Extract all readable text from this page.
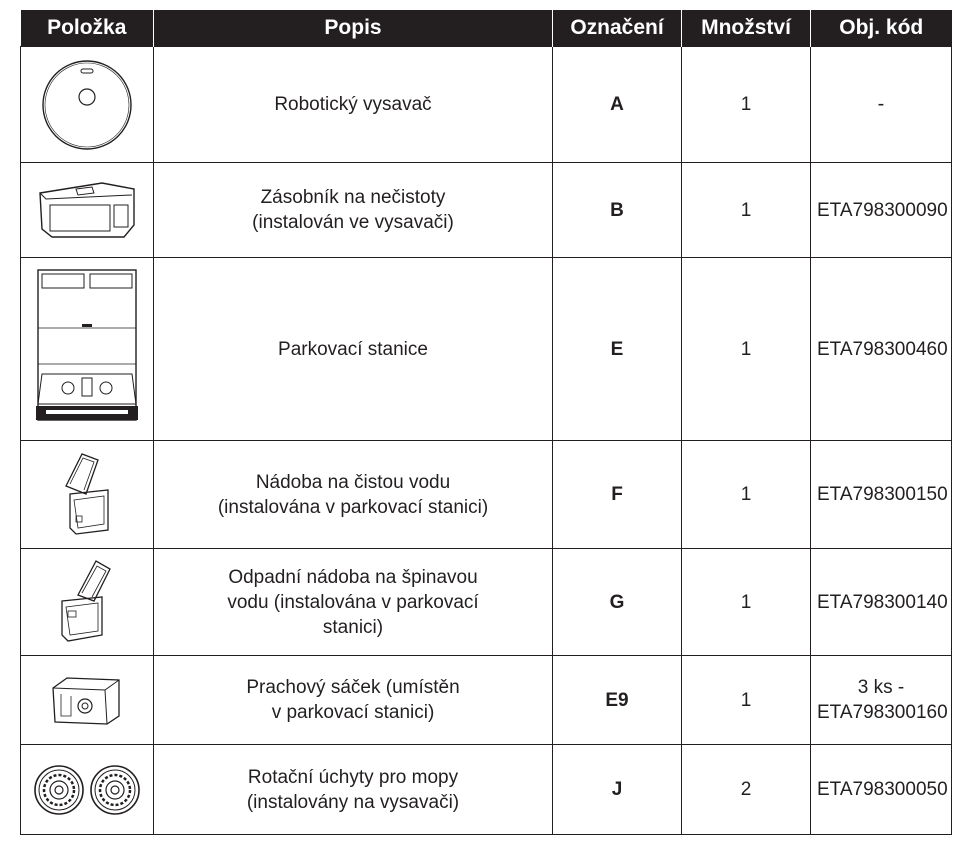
Položka	Popis	Označení	Množství	Obj. kód

Robotický vysavač	A	1	-

Zásobník na nečistoty
(instalován ve vysavači)	B	1	ETA798300090

Parkovací stanice	E	1	ETA798300460

Nádoba na čistou vodu
(instalována v parkovací stanici)	F	1	ETA798300150

Odpadní nádoba na špinavou
vodu (instalována v parkovací
stanici)	G	1	ETA798300140

Prachový sáček (umístěn
v parkovací stanici)	E9	1	3 ks - ETA798300160

Rotační úchyty pro mopy
(instalovány na vysavači)	J	2	ETA798300050
